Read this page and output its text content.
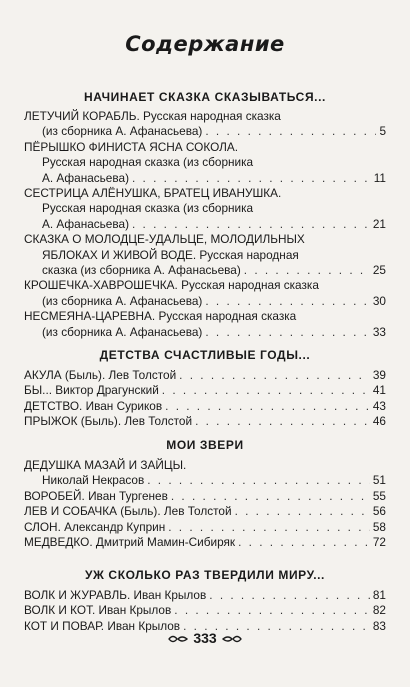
Содержание
НАЧИНАЕТ СКАЗКА СКАЗЫВАТЬСЯ...
ЛЕТУЧИЙ КОРАБЛЬ. Русская народная сказка
(из сборника А. Афанасьева) . . .	5
ПЁРЫШКО ФИНИСТА ЯСНА СОКОЛА.
Русская народная сказка (из сборника
А. Афанасьева) . . .	11
СЕСТРИЦА АЛЁНУШКА, БРАТЕЦ ИВАНУШКА.
Русская народная сказка (из сборника
А. Афанасьева) . . .	21
СКАЗКА О МОЛОДЦЕ-УДАЛЬЦЕ, МОЛОДИЛЬНЫХ
ЯБЛОКАХ И ЖИВОЙ ВОДЕ. Русская народная
сказка (из сборника А. Афанасьева) . . .	25
КРОШЕЧКА-ХАВРОШЕЧКА. Русская народная сказка
(из сборника А. Афанасьева) . . .	30
НЕСМЕЯНА-ЦАРЕВНА. Русская народная сказка
(из сборника А. Афанасьева) . . .	33
ДЕТСТВА СЧАСТЛИВЫЕ ГОДЫ...
АКУЛА (Быль). Лев Толстой . . .	39
БЫ... Виктор Драгунский . . .	41
ДЕТСТВО. Иван Суриков . . .	43
ПРЫЖОК (Быль). Лев Толстой . . .	46
МОИ ЗВЕРИ
ДЕДУШКА МАЗАЙ И ЗАЙЦЫ.
Николай Некрасов . . .	51
ВОРОБЕЙ. Иван Тургенев . . .	55
ЛЕВ И СОБАЧКА (Быль). Лев Толстой . . .	56
СЛОН. Александр Куприн . . .	58
МЕДВЕДКО. Дмитрий Мамин-Сибиряк . . .	72
УЖ СКОЛЬКО РАЗ ТВЕРДИЛИ МИРУ...
ВОЛК И ЖУРАВЛЬ. Иван Крылов . . .	81
ВОЛК И КОТ. Иван Крылов . . .	82
КОТ И ПОВАР. Иван Крылов . . .	83
333
